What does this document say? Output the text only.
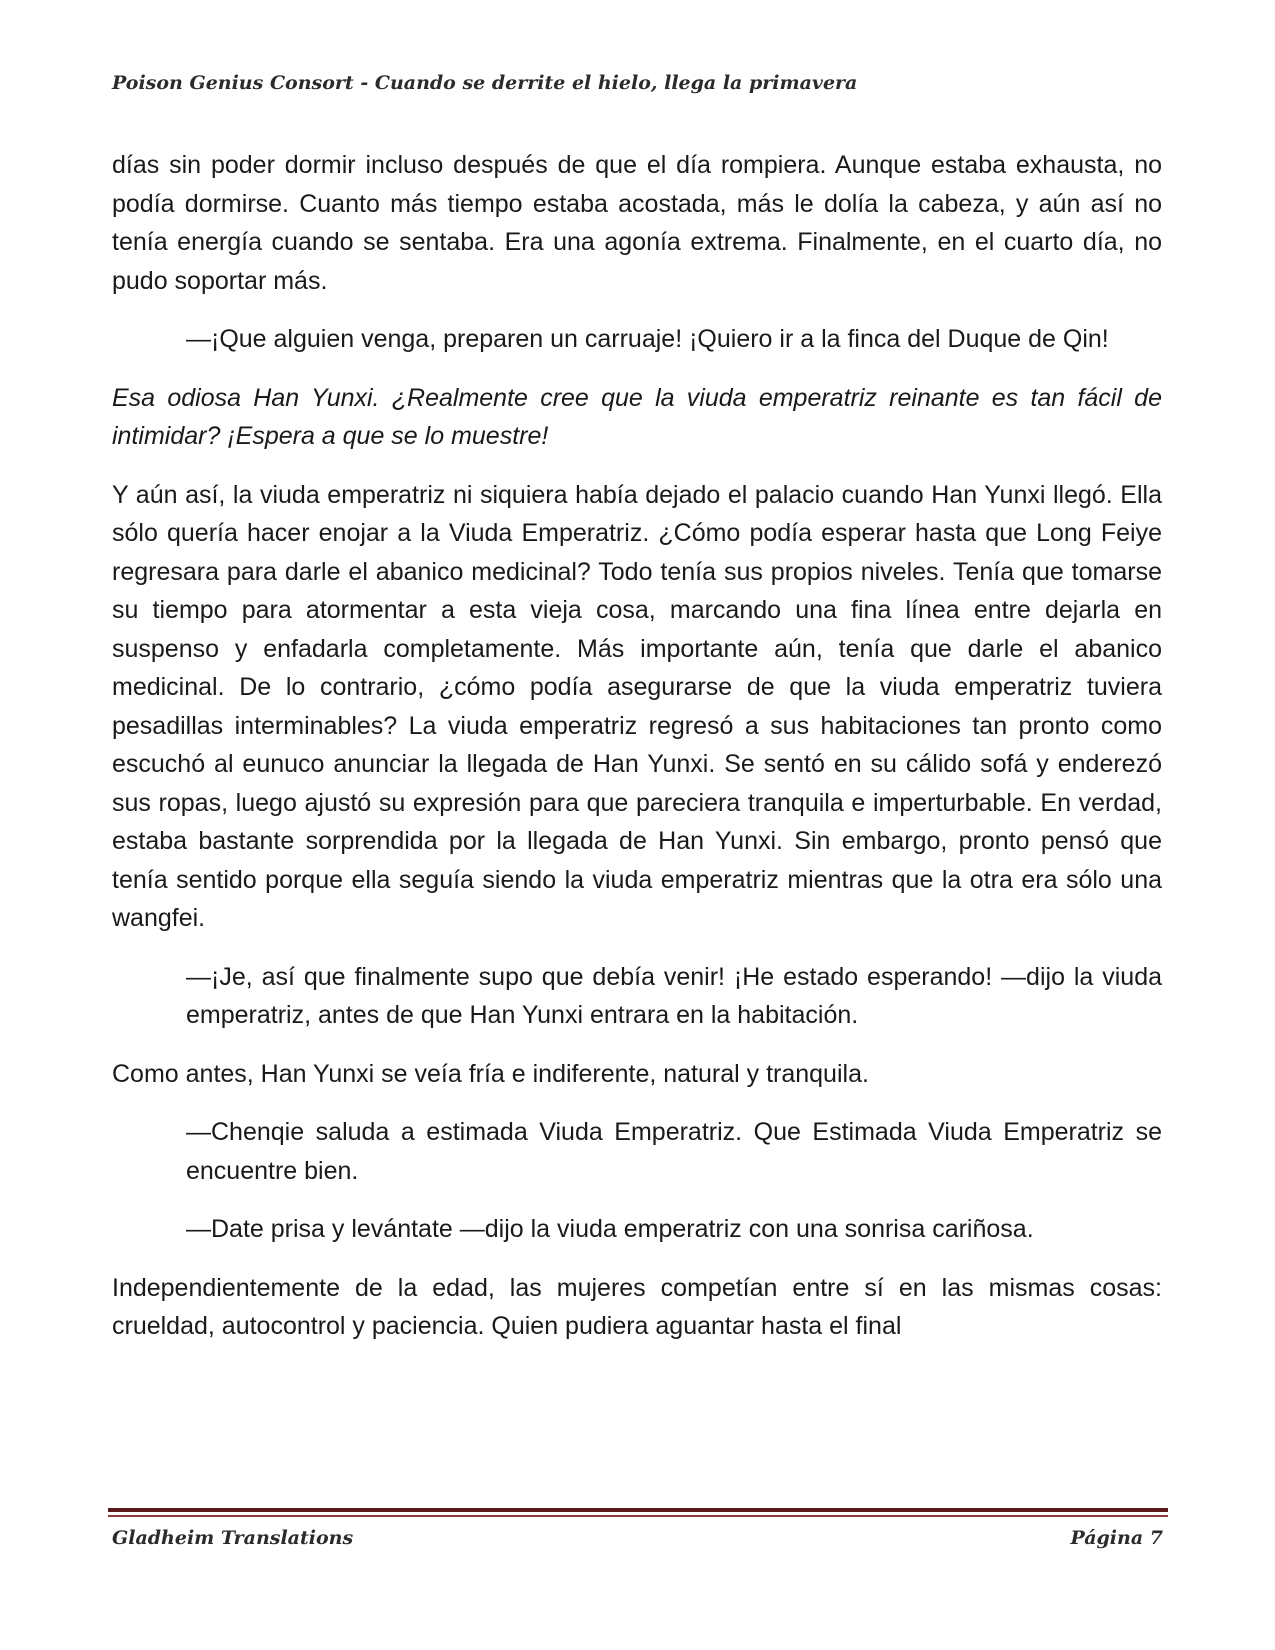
Poison Genius Consort - Cuando se derrite el hielo, llega la primavera

días sin poder dormir incluso después de que el día rompiera. Aunque estaba exhausta, no podía dormirse. Cuanto más tiempo estaba acostada, más le dolía la cabeza, y aún así no tenía energía cuando se sentaba. Era una agonía extrema. Finalmente, en el cuarto día, no pudo soportar más.

—¡Que alguien venga, preparen un carruaje! ¡Quiero ir a la finca del Duque de Qin!

Esa odiosa Han Yunxi. ¿Realmente cree que la viuda emperatriz reinante es tan fácil de intimidar? ¡Espera a que se lo muestre!

Y aún así, la viuda emperatriz ni siquiera había dejado el palacio cuando Han Yunxi llegó. Ella sólo quería hacer enojar a la Viuda Emperatriz. ¿Cómo podía esperar hasta que Long Feiye regresara para darle el abanico medicinal? Todo tenía sus propios niveles. Tenía que tomarse su tiempo para atormentar a esta vieja cosa, marcando una fina línea entre dejarla en suspenso y enfadarla completamente. Más importante aún, tenía que darle el abanico medicinal. De lo contrario, ¿cómo podía asegurarse de que la viuda emperatriz tuviera pesadillas interminables? La viuda emperatriz regresó a sus habitaciones tan pronto como escuchó al eunuco anunciar la llegada de Han Yunxi. Se sentó en su cálido sofá y enderezó sus ropas, luego ajustó su expresión para que pareciera tranquila e imperturbable. En verdad, estaba bastante sorprendida por la llegada de Han Yunxi. Sin embargo, pronto pensó que tenía sentido porque ella seguía siendo la viuda emperatriz mientras que la otra era sólo una wangfei.

—¡Je, así que finalmente supo que debía venir! ¡He estado esperando! —dijo la viuda emperatriz, antes de que Han Yunxi entrara en la habitación.

Como antes, Han Yunxi se veía fría e indiferente, natural y tranquila.

—Chenqie saluda a estimada Viuda Emperatriz. Que Estimada Viuda Emperatriz se encuentre bien.

—Date prisa y levántate —dijo la viuda emperatriz con una sonrisa cariñosa.

Independientemente de la edad, las mujeres competían entre sí en las mismas cosas: crueldad, autocontrol y paciencia. Quien pudiera aguantar hasta el final

Gladheim Translations	Página 7
